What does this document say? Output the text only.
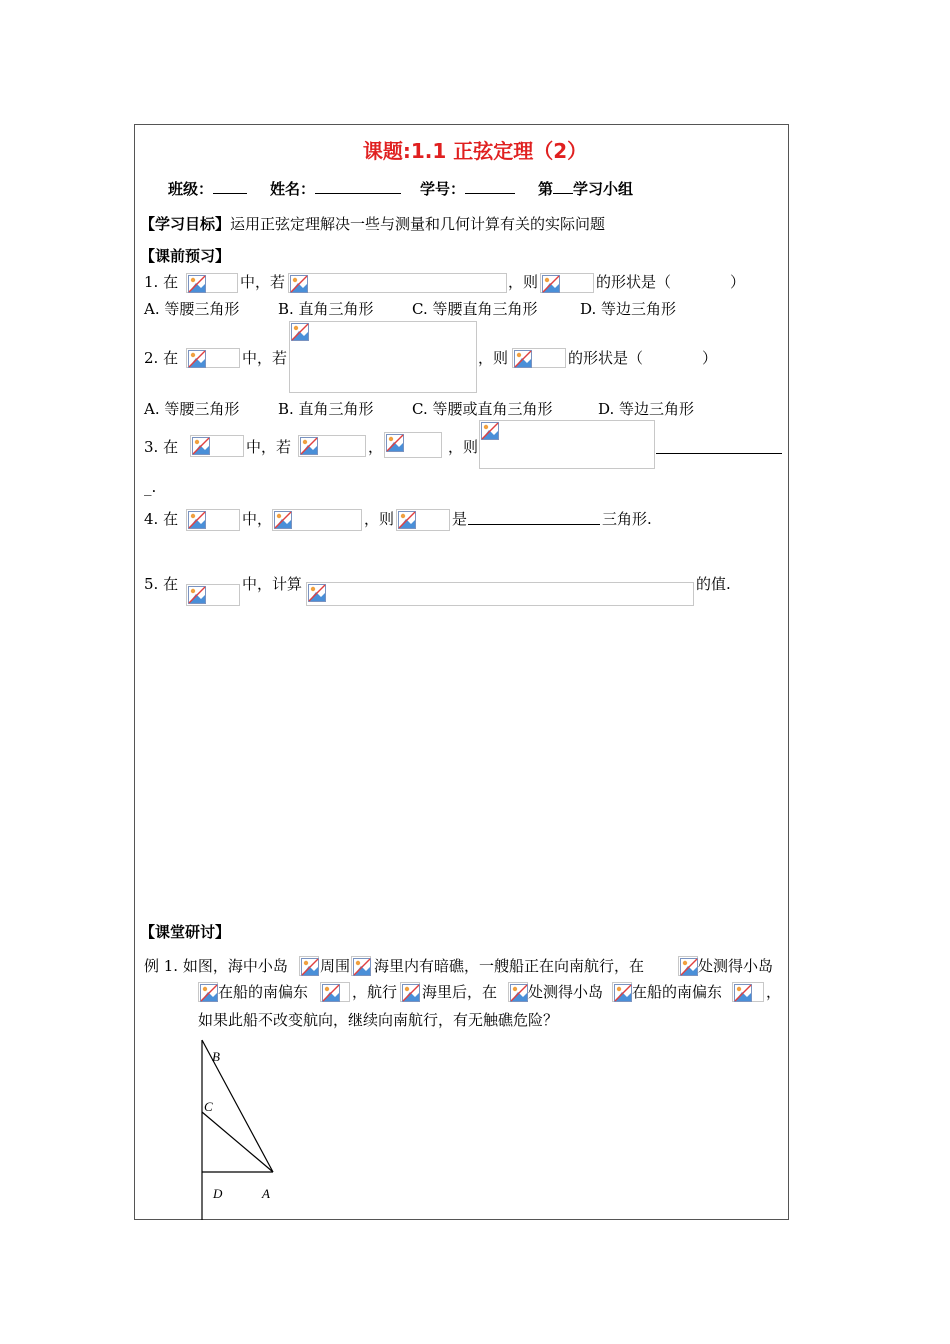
课题:1.1 正弦定理（2）
班级：	姓名：	学号：	第 学习小组
【学习目标】运用正弦定理解决一些与测量和几何计算有关的实际问题
【课前预习】
1. 在	中，若	，则	的形状是（	）
A. 等腰三角形	B. 直角三角形	C. 等腰直角三角形	D. 等边三角形
2. 在	中，若	，则	的形状是（	）
A. 等腰三角形	B. 直角三角形	C. 等腰或直角三角形	D. 等边三角形
3. 在	中，若	，	，则
_.
4. 在	中，	，则	是	三角形.
5. 在	中，计算	的值.
【课堂研讨】
例 1. 如图，海中小岛 周围 海里内有暗礁，一艘船正在向南航行，在	处测得小岛
在船的南偏东	，航行 海里后，在 处测得小岛 在船的南偏东	，
如果此船不改变航向，继续向南航行，有无触礁危险？
B
C
D	A
